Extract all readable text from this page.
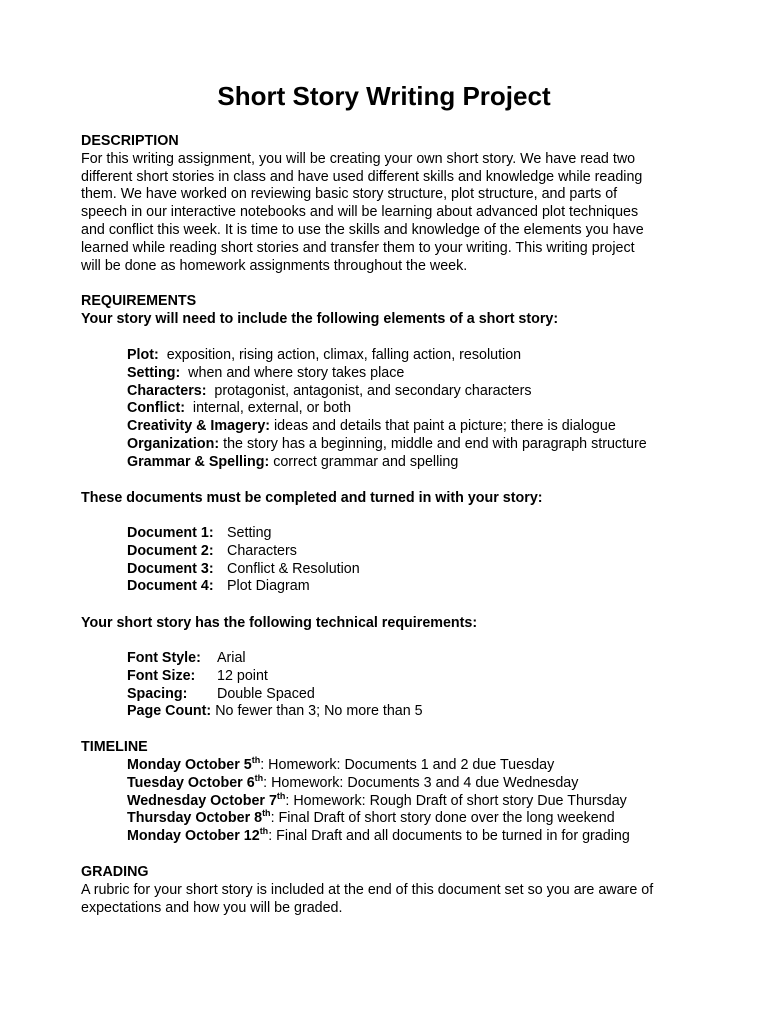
Short Story Writing Project
DESCRIPTION
For this writing assignment, you will be creating your own short story. We have read two
different short stories in class and have used different skills and knowledge while reading
them. We have worked on reviewing basic story structure, plot structure, and parts of
speech in our interactive notebooks and will be learning about advanced plot techniques
and conflict this week. It is time to use the skills and knowledge of the elements you have
learned while reading short stories and transfer them to your writing. This writing project
will be done as homework assignments throughout the week.
REQUIREMENTS
Your story will need to include the following elements of a short story:
Plot:  exposition, rising action, climax, falling action, resolution
Setting:  when and where story takes place
Characters:  protagonist, antagonist, and secondary characters
Conflict:  internal, external, or both
Creativity & Imagery: ideas and details that paint a picture; there is dialogue
Organization: the story has a beginning, middle and end with paragraph structure
Grammar & Spelling: correct grammar and spelling
These documents must be completed and turned in with your story:
Document 1: Setting
Document 2: Characters
Document 3: Conflict & Resolution
Document 4: Plot Diagram
Your short story has the following technical requirements:
Font Style:	Arial
Font Size:	12 point
Spacing:	Double Spaced
Page Count: No fewer than 3; No more than 5
TIMELINE
Monday October 5th: Homework: Documents 1 and 2 due Tuesday
Tuesday October 6th: Homework: Documents 3 and 4 due Wednesday
Wednesday October 7th: Homework: Rough Draft of short story Due Thursday
Thursday October 8th: Final Draft of short story done over the long weekend
Monday October 12th: Final Draft and all documents to be turned in for grading
GRADING
A rubric for your short story is included at the end of this document set so you are aware of
expectations and how you will be graded.
